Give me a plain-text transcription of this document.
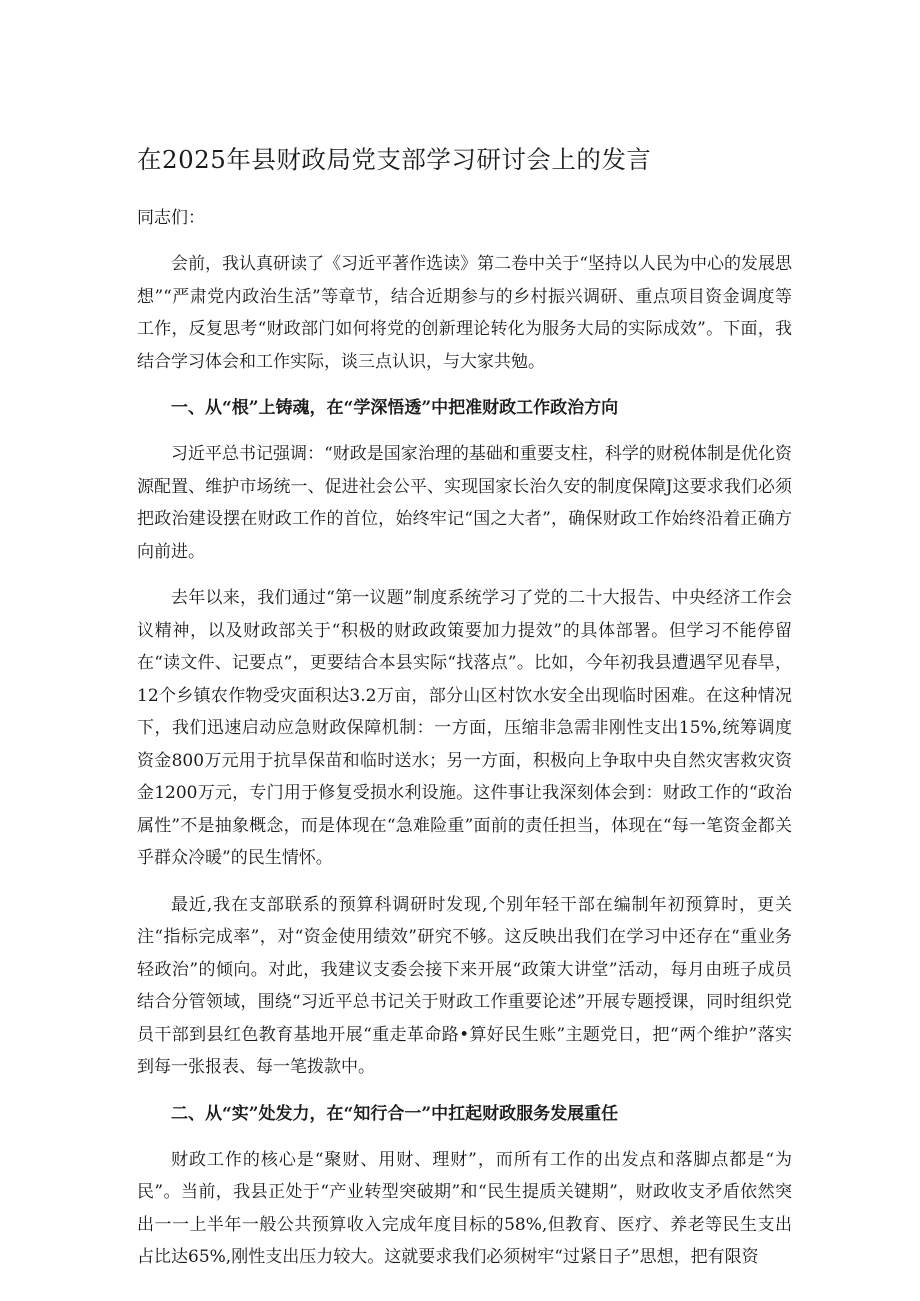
在2025年县财政局党支部学习研讨会上的发言

同志们：

会前，我认真研读了《习近平著作选读》第二卷中关于“坚持以人民为中心的发展思想”“严肃党内政治生活”等章节，结合近期参与的乡村振兴调研、重点项目资金调度等工作，反复思考“财政部门如何将党的创新理论转化为服务大局的实际成效”。下面，我结合学习体会和工作实际，谈三点认识，与大家共勉。

一、从“根”上铸魂，在“学深悟透”中把准财政工作政治方向

习近平总书记强调：“财政是国家治理的基础和重要支柱，科学的财税体制是优化资源配置、维护市场统一、促进社会公平、实现国家长治久安的制度保障J这要求我们必须把政治建设摆在财政工作的首位，始终牢记“国之大者”，确保财政工作始终沿着正确方向前进。

去年以来，我们通过“第一议题”制度系统学习了党的二十大报告、中央经济工作会议精神，以及财政部关于“积极的财政政策要加力提效”的具体部署。但学习不能停留在“读文件、记要点”，更要结合本县实际“找落点”。比如，今年初我县遭遇罕见春旱，12个乡镇农作物受灾面积达3.2万亩，部分山区村饮水安全出现临时困难。在这种情况下，我们迅速启动应急财政保障机制：一方面，压缩非急需非刚性支出15%,统筹调度资金800万元用于抗旱保苗和临时送水；另一方面，积极向上争取中央自然灾害救灾资金1200万元，专门用于修复受损水利设施。这件事让我深刻体会到：财政工作的“政治属性”不是抽象概念，而是体现在“急难险重”面前的责任担当，体现在“每一笔资金都关乎群众冷暖”的民生情怀。

最近,我在支部联系的预算科调研时发现,个别年轻干部在编制年初预算时，更关注“指标完成率”，对“资金使用绩效”研究不够。这反映出我们在学习中还存在“重业务轻政治”的倾向。对此，我建议支委会接下来开展“政策大讲堂”活动，每月由班子成员结合分管领域，围绕“习近平总书记关于财政工作重要论述”开展专题授课，同时组织党员干部到县红色教育基地开展“重走革命路•算好民生账”主题党日，把“两个维护”落实到每一张报表、每一笔拨款中。

二、从“实”处发力，在“知行合一”中扛起财政服务发展重任

财政工作的核心是“聚财、用财、理财”，而所有工作的出发点和落脚点都是“为民”。当前，我县正处于“产业转型突破期”和“民生提质关键期”，财政收支矛盾依然突出一一上半年一般公共预算收入完成年度目标的58%,但教育、医疗、养老等民生支出占比达65%,刚性支出压力较大。这就要求我们必须树牢“过紧日子”思想，把有限资
